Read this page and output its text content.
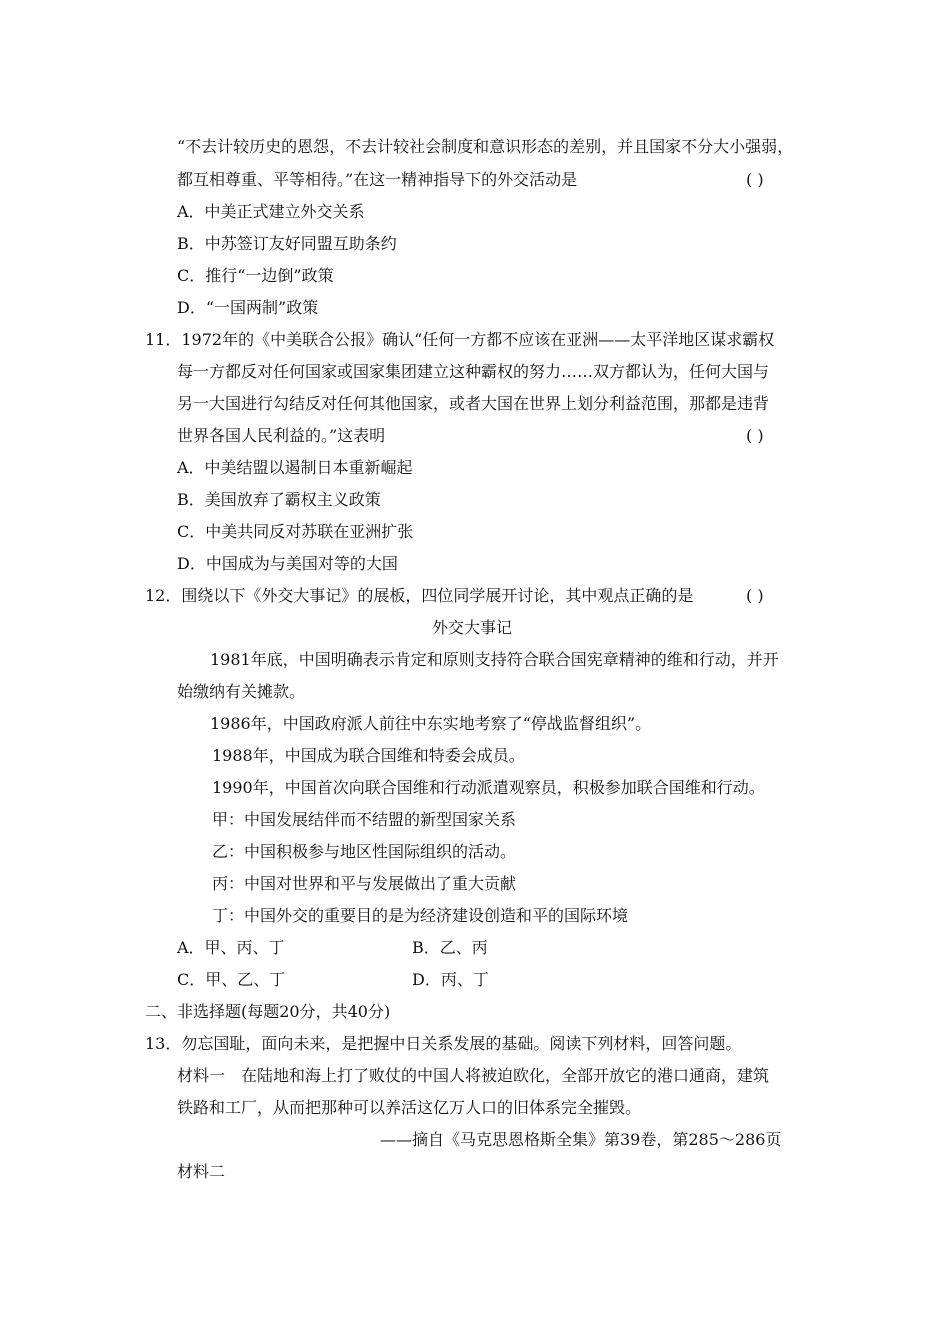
“不去计较历史的恩怨，不去计较社会制度和意识形态的差别，并且国家不分大小强弱，
都互相尊重、平等相待。”在这一精神指导下的外交活动是	( )
A．中美正式建立外交关系
B．中苏签订友好同盟互助条约
C．推行“一边倒”政策
D．“一国两制”政策
11．1972年的《中美联合公报》确认“任何一方都不应该在亚洲——太平洋地区谋求霸权
每一方都反对任何国家或国家集团建立这种霸权的努力……双方都认为，任何大国与
另一大国进行勾结反对任何其他国家，或者大国在世界上划分利益范围，那都是违背
世界各国人民利益的。”这表明	( )
A．中美结盟以遏制日本重新崛起
B．美国放弃了霸权主义政策
C．中美共同反对苏联在亚洲扩张
D．中国成为与美国对等的大国
12．围绕以下《外交大事记》的展板，四位同学展开讨论，其中观点正确的是	( )
外交大事记
1981年底，中国明确表示肯定和原则支持符合联合国宪章精神的维和行动，并开
始缴纳有关摊款。
1986年，中国政府派人前往中东实地考察了“停战监督组织”。
1988年，中国成为联合国维和特委会成员。
1990年，中国首次向联合国维和行动派遣观察员，积极参加联合国维和行动。
甲：中国发展结伴而不结盟的新型国家关系
乙：中国积极参与地区性国际组织的活动。
丙：中国对世界和平与发展做出了重大贡献
丁：中国外交的重要目的是为经济建设创造和平的国际环境
A．甲、丙、丁	B．乙、丙
C．甲、乙、丁	D．丙、丁
二、非选择题(每题20分，共40分)
13．勿忘国耻，面向未来，是把握中日关系发展的基础。阅读下列材料，回答问题。
材料一　在陆地和海上打了败仗的中国人将被迫欧化，全部开放它的港口通商，建筑
铁路和工厂，从而把那种可以养活这亿万人口的旧体系完全摧毁。
——摘自《马克思恩格斯全集》第39卷，第285～286页
材料二
